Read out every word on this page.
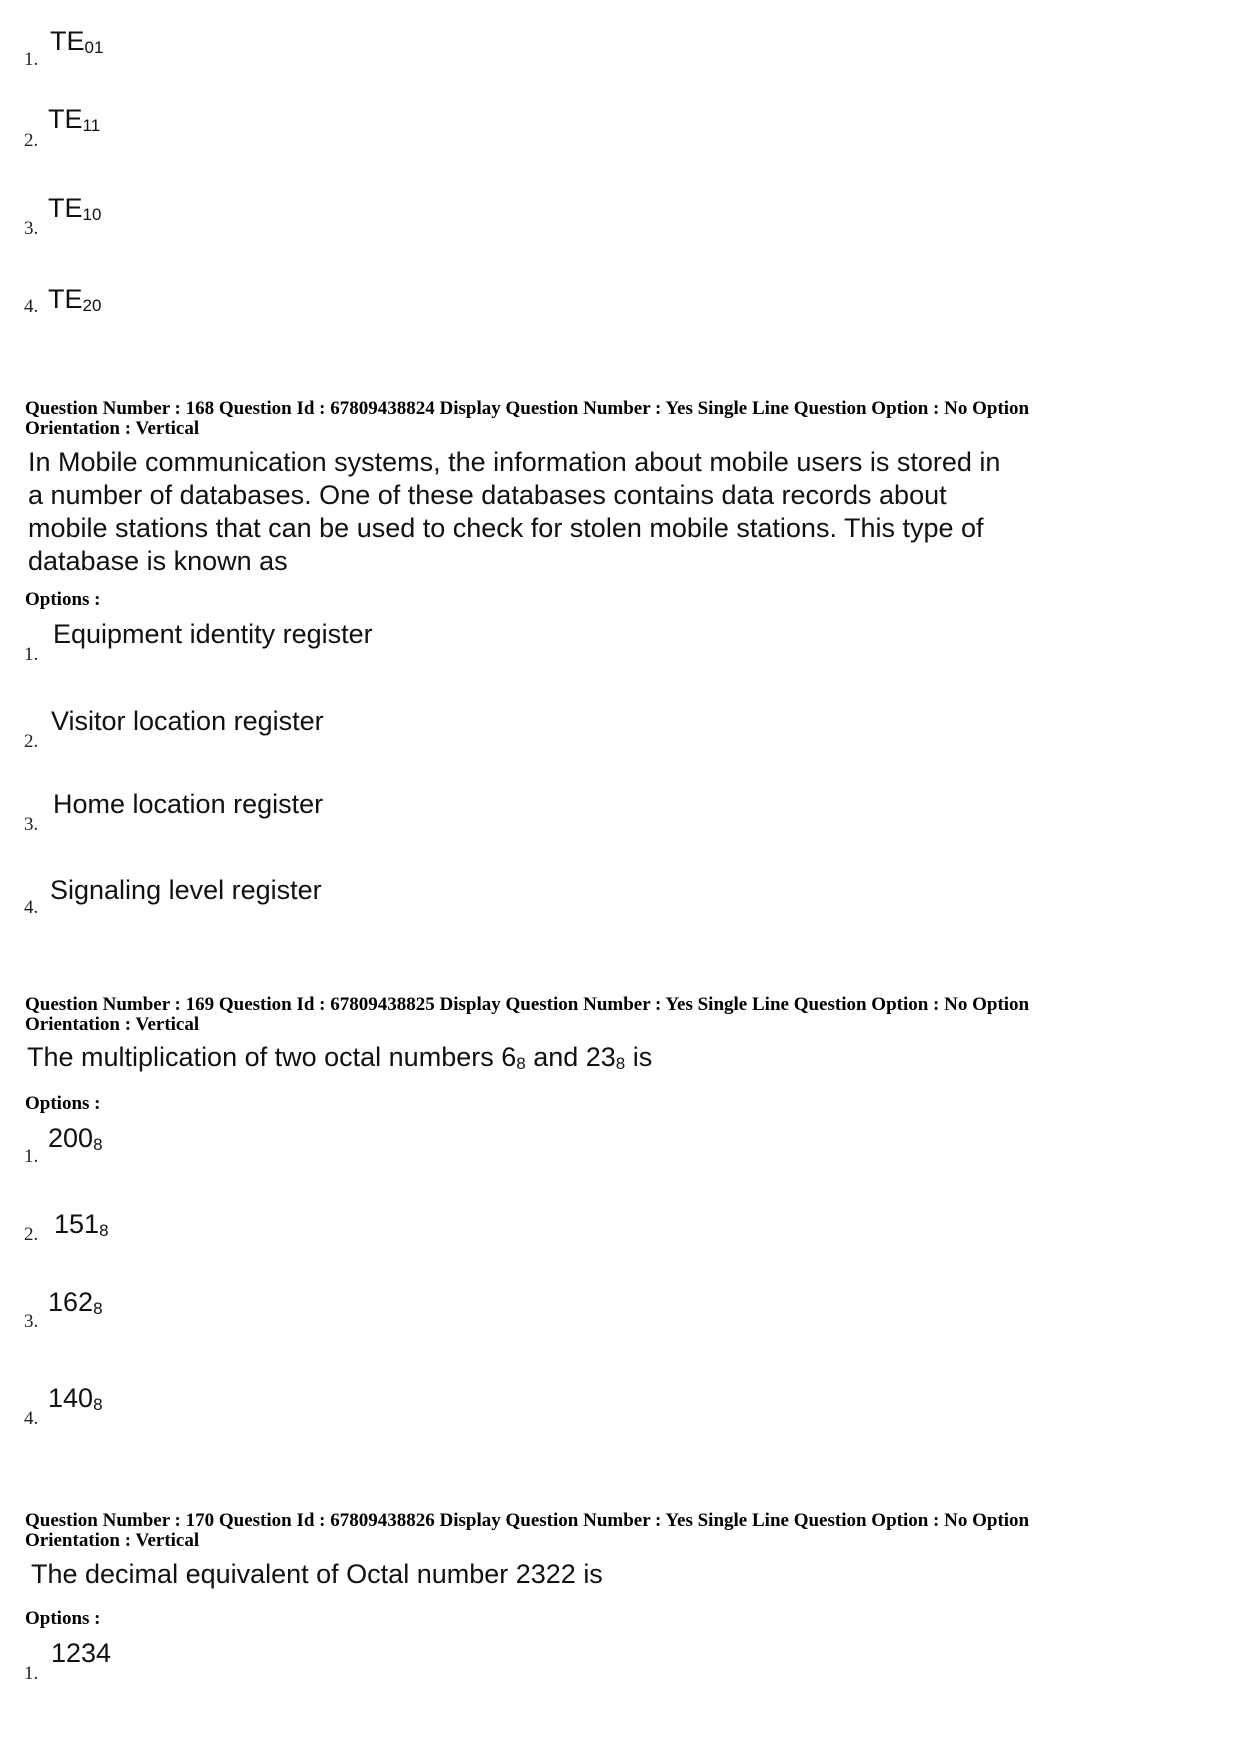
1.
$TE_{01}$
2.
$TE_{11}$
3.
$TE_{10}$
4. $TE_{20}$
Question Number : 168 Question Id : 67809438824 Display Question Number : Yes Single Line Question Option : No Option
Orientation : Vertical
In Mobile communication systems, the information about mobile users is stored in
a number of databases. One of these databases contains data records about
mobile stations that can be used to check for stolen mobile stations. This type of
database is known as
Options :
1.
Equipment identity register
2.
Visitor location register
3.
Home location register
4.
Signaling level register
Question Number : 169 Question Id : 67809438825 Display Question Number : Yes Single Line Question Option : No Option
Orientation : Vertical
The multiplication of two octal numbers $6_8$ and $23_8$ is
Options :
1.
$200_8$
2. $151_8$
3.
$162_8$
4.
$140_8$
Question Number : 170 Question Id : 67809438826 Display Question Number : Yes Single Line Question Option : No Option
Orientation : Vertical
The decimal equivalent of Octal number 2322 is
Options :
1.
1234
